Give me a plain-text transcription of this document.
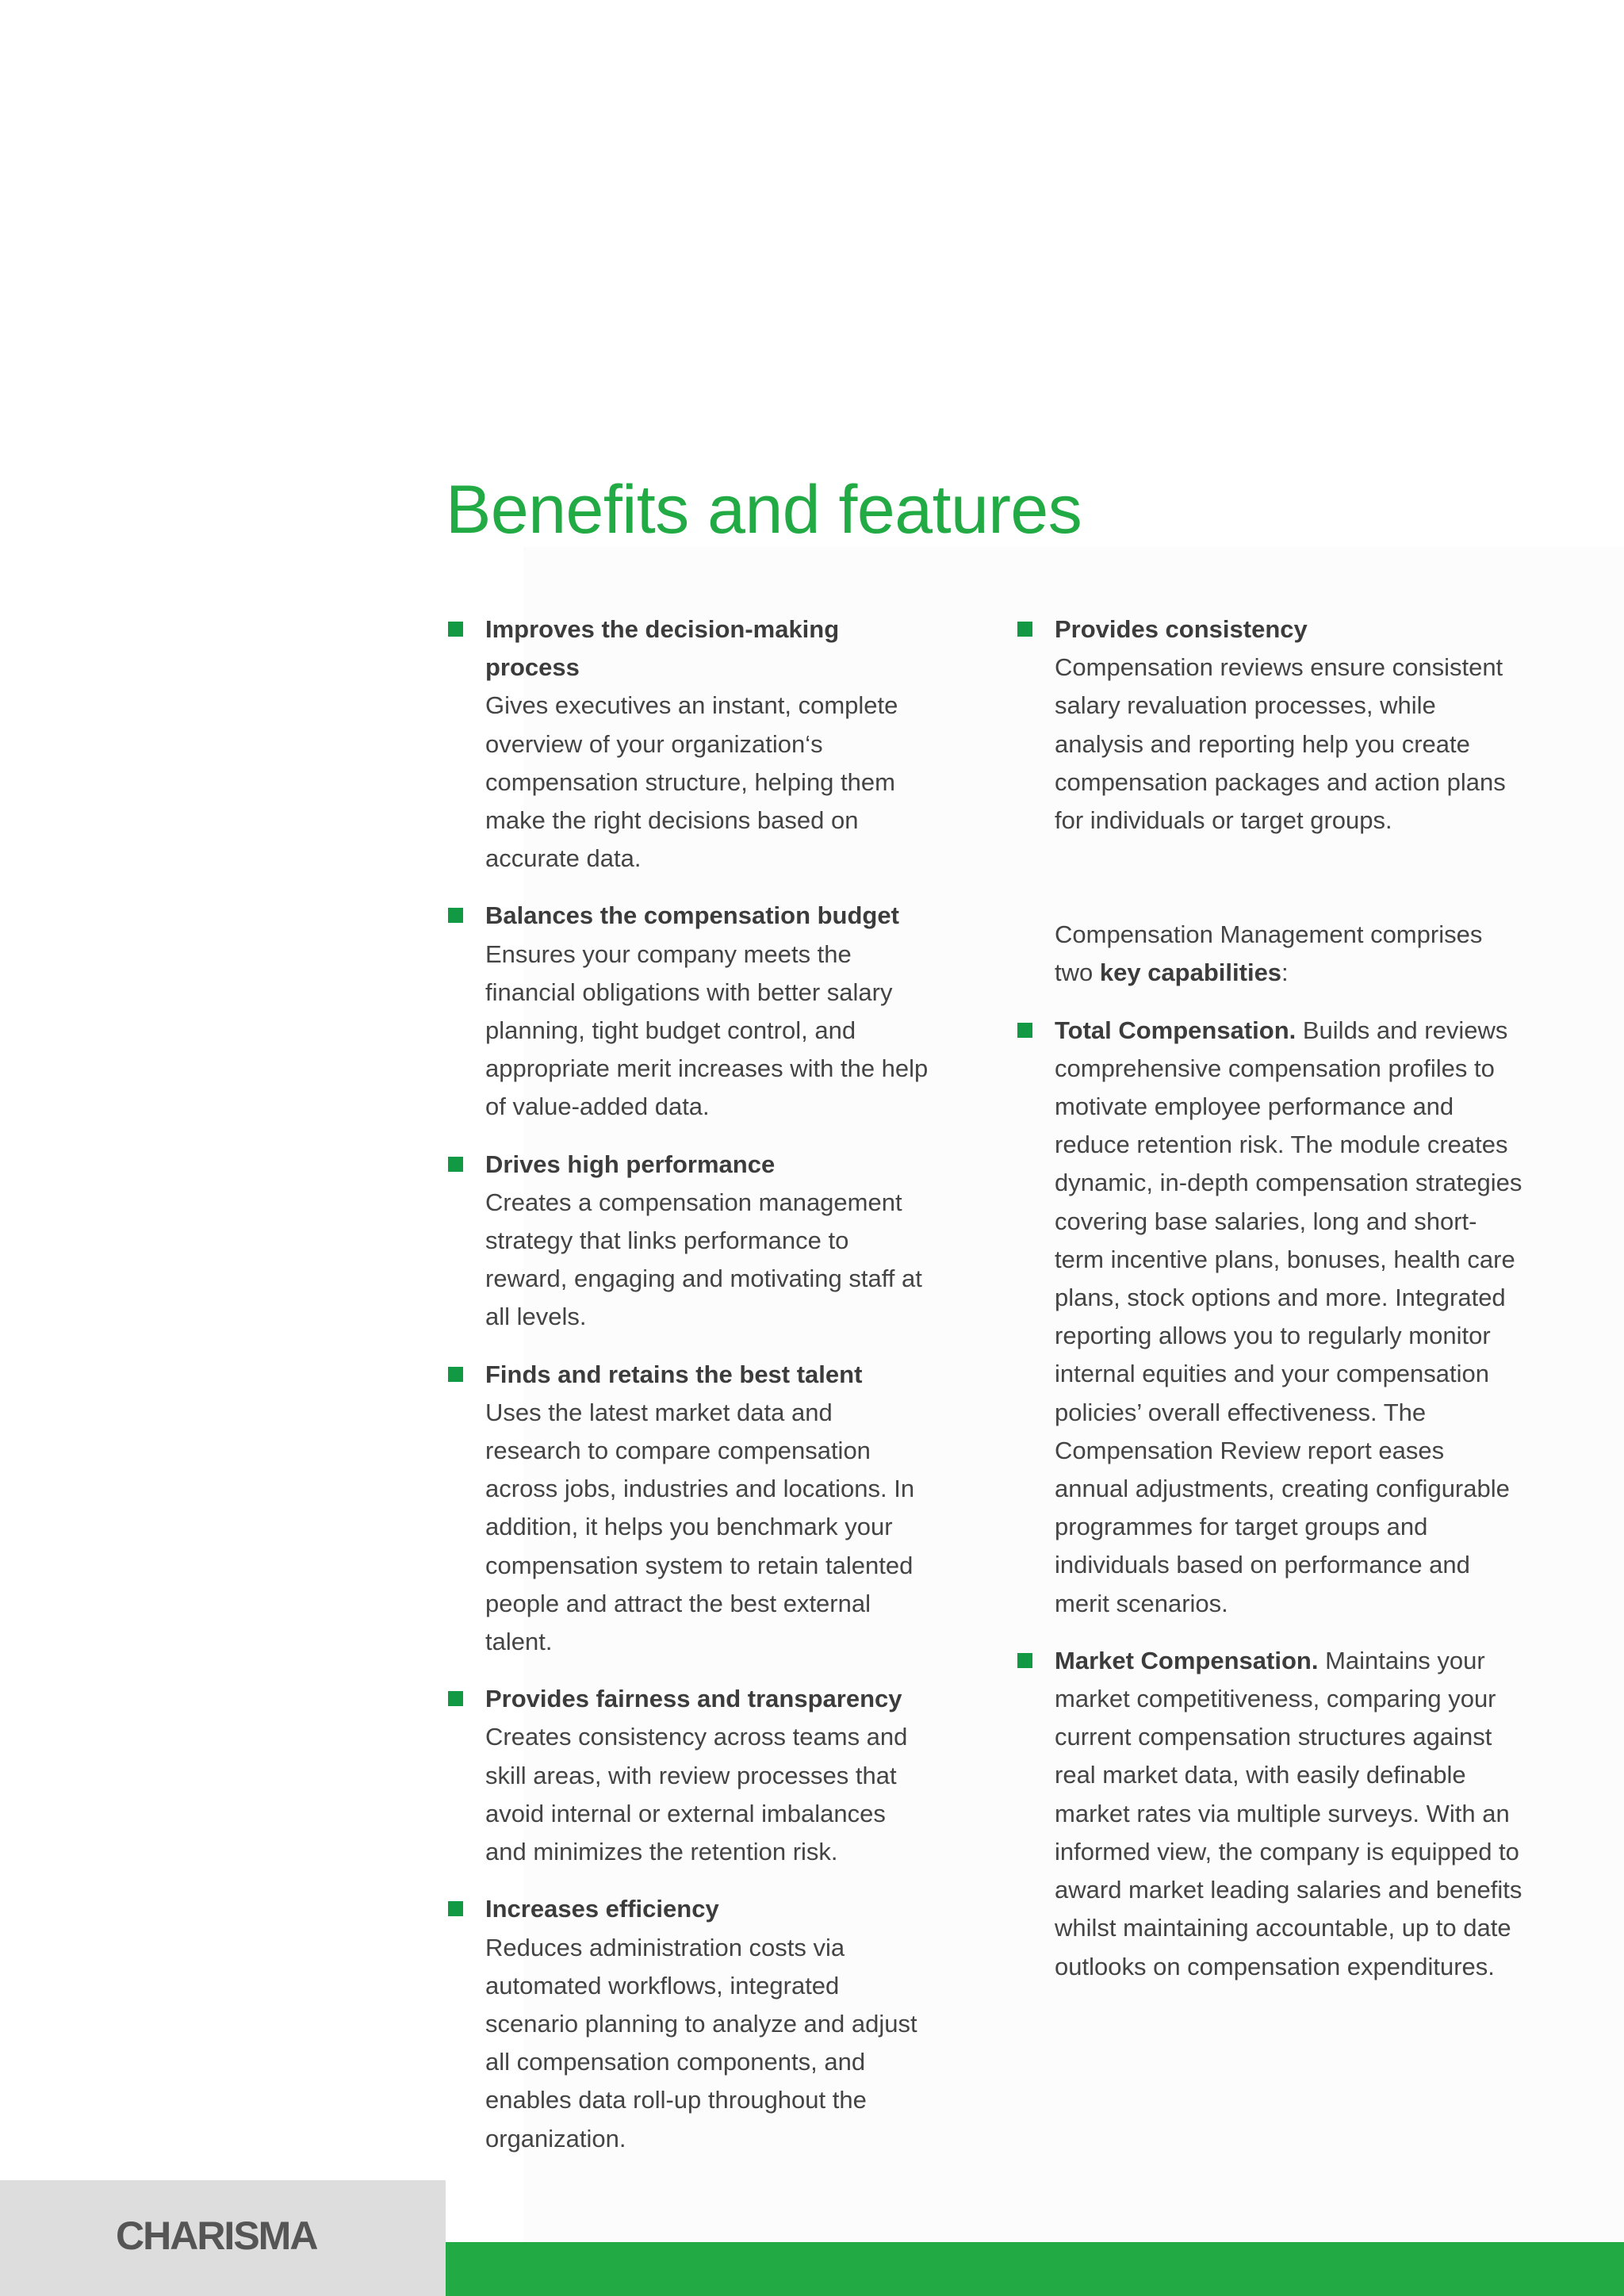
Benefits and features
Improves the decision-making process
Gives executives an instant, complete overview of your organization‘s compensation structure, helping them make the right decisions based on accurate data.
Balances the compensation budget
Ensures your company meets the financial obligations with better salary planning, tight budget control, and appropriate merit increases with the help of value-added data.
Drives high performance
Creates a compensation management strategy that links performance to reward, engaging and motivating staff at all levels.
Finds and retains the best talent
Uses the latest market data and research to compare compensation across jobs, industries and locations. In addition, it helps you benchmark your compensation system to retain talented people and attract the best external talent.
Provides fairness and transparency
Creates consistency across teams and skill areas, with review processes that avoid internal or external imbalances and minimizes the retention risk.
Increases efficiency
Reduces administration costs via automated workflows, integrated scenario planning to analyze and adjust all compensation components, and enables data roll-up throughout the organization.
Provides consistency
Compensation reviews ensure consistent salary revaluation processes, while analysis and reporting help you create compensation packages and action plans for individuals or target groups.
Compensation Management comprises two key capabilities:
Total Compensation. Builds and reviews comprehensive compensation profiles to motivate employee performance and reduce retention risk. The module creates dynamic, in-depth compensation strategies covering base salaries, long and short-term incentive plans, bonuses, health care plans, stock options and more. Integrated reporting allows you to regularly monitor internal equities and your compensation policies’ overall effectiveness. The Compensation Review report eases annual adjustments, creating configurable programmes for target groups and individuals based on performance and merit scenarios.
Market Compensation. Maintains your market competitiveness, comparing your current compensation structures against real market data, with easily definable market rates via multiple surveys. With an informed view, the company is equipped to award market leading salaries and benefits whilst maintaining accountable, up to date outlooks on compensation expenditures.
CHARISMA
